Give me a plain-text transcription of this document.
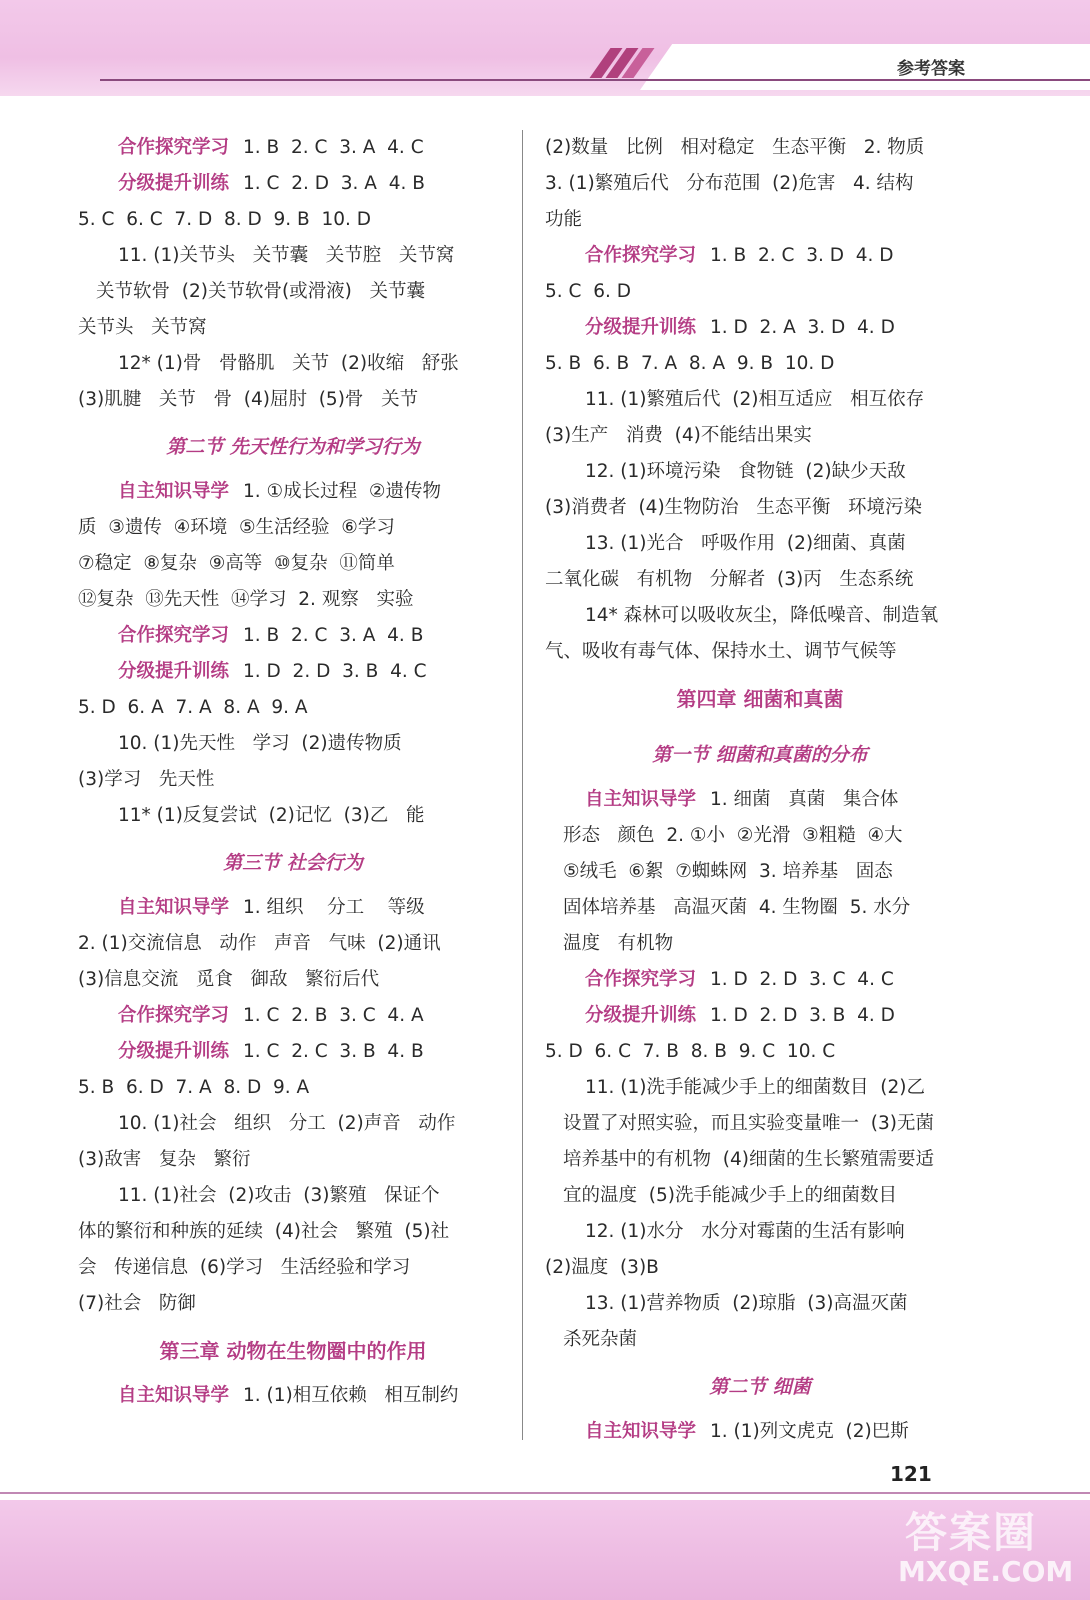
参考答案
合作探究学习 1. B  2. C  3. A  4. C
分级提升训练 1. C  2. D  3. A  4. B
5. C  6. C  7. D  8. D  9. B  10. D
11. (1)关节头   关节囊   关节腔   关节窝
关节软骨  (2)关节软骨(或滑液)   关节囊
关节头   关节窝
12* (1)骨   骨骼肌   关节  (2)收缩   舒张
(3)肌腱   关节   骨  (4)屈肘  (5)骨   关节
第二节 先天性行为和学习行为
自主知识导学 1. ①成长过程  ②遗传物
质  ③遗传  ④环境  ⑤生活经验  ⑥学习
⑦稳定  ⑧复杂  ⑨高等  ⑩复杂  ⑪简单
⑫复杂  ⑬先天性  ⑭学习  2. 观察   实验
合作探究学习 1. B  2. C  3. A  4. B
分级提升训练 1. D  2. D  3. B  4. C
5. D  6. A  7. A  8. A  9. A
10. (1)先天性   学习  (2)遗传物质
(3)学习   先天性
11* (1)反复尝试  (2)记忆  (3)乙   能
第三节 社会行为
自主知识导学 1. 组织    分工    等级
2. (1)交流信息   动作   声音   气味  (2)通讯
(3)信息交流   觅食   御敌   繁衍后代
合作探究学习 1. C  2. B  3. C  4. A
分级提升训练 1. C  2. C  3. B  4. B
5. B  6. D  7. A  8. D  9. A
10. (1)社会   组织   分工  (2)声音   动作
(3)敌害   复杂   繁衍
11. (1)社会  (2)攻击  (3)繁殖   保证个
体的繁衍和种族的延续  (4)社会   繁殖  (5)社
会   传递信息  (6)学习   生活经验和学习
(7)社会   防御
第三章 动物在生物圈中的作用
自主知识导学 1. (1)相互依赖   相互制约
(2)数量   比例   相对稳定   生态平衡   2. 物质
3. (1)繁殖后代   分布范围  (2)危害   4. 结构
功能
合作探究学习 1. B  2. C  3. D  4. D
5. C  6. D
分级提升训练 1. D  2. A  3. D  4. D
5. B  6. B  7. A  8. A  9. B  10. D
11. (1)繁殖后代  (2)相互适应   相互依存
(3)生产   消费  (4)不能结出果实
12. (1)环境污染   食物链  (2)缺少天敌
(3)消费者  (4)生物防治   生态平衡   环境污染
13. (1)光合   呼吸作用  (2)细菌、真菌
二氧化碳   有机物   分解者  (3)丙   生态系统
14* 森林可以吸收灰尘，降低噪音、制造氧
气、吸收有毒气体、保持水土、调节气候等
第四章 细菌和真菌
第一节 细菌和真菌的分布
自主知识导学 1. 细菌   真菌   集合体
形态   颜色  2. ①小  ②光滑  ③粗糙  ④大
⑤绒毛  ⑥絮  ⑦蜘蛛网  3. 培养基   固态
固体培养基   高温灭菌  4. 生物圈  5. 水分
温度   有机物
合作探究学习 1. D  2. D  3. C  4. C
分级提升训练 1. D  2. D  3. B  4. D
5. D  6. C  7. B  8. B  9. C  10. C
11. (1)洗手能减少手上的细菌数目  (2)乙
设置了对照实验，而且实验变量唯一  (3)无菌
培养基中的有机物  (4)细菌的生长繁殖需要适
宜的温度  (5)洗手能减少手上的细菌数目
12. (1)水分   水分对霉菌的生活有影响
(2)温度  (3)B
13. (1)营养物质  (2)琼脂  (3)高温灭菌
杀死杂菌
第二节 细菌
自主知识导学 1. (1)列文虎克  (2)巴斯
121
答案圈
MXQE.COM
